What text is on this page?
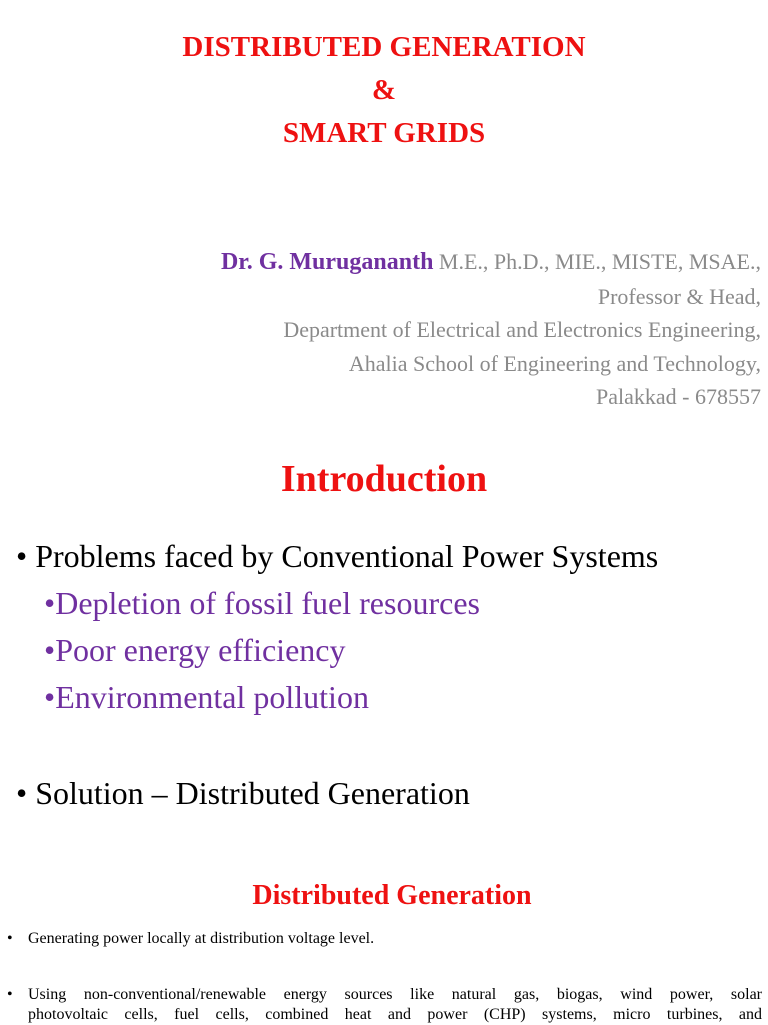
DISTRIBUTED GENERATION
&
SMART GRIDS
Dr. G. Murugananth M.E., Ph.D., MIE., MISTE, MSAE.,
Professor & Head,
Department of Electrical and Electronics Engineering,
Ahalia School of Engineering and Technology,
Palakkad - 678557
Introduction
• Problems faced by Conventional Power Systems
•Depletion of fossil fuel resources
•Poor energy efficiency
•Environmental pollution
• Solution – Distributed Generation
Distributed Generation
• Generating power locally at distribution voltage level.
• Using non-conventional/renewable energy sources like natural gas, biogas, wind power, solar
photovoltaic cells, fuel cells, combined heat and power (CHP) systems, micro turbines, and
